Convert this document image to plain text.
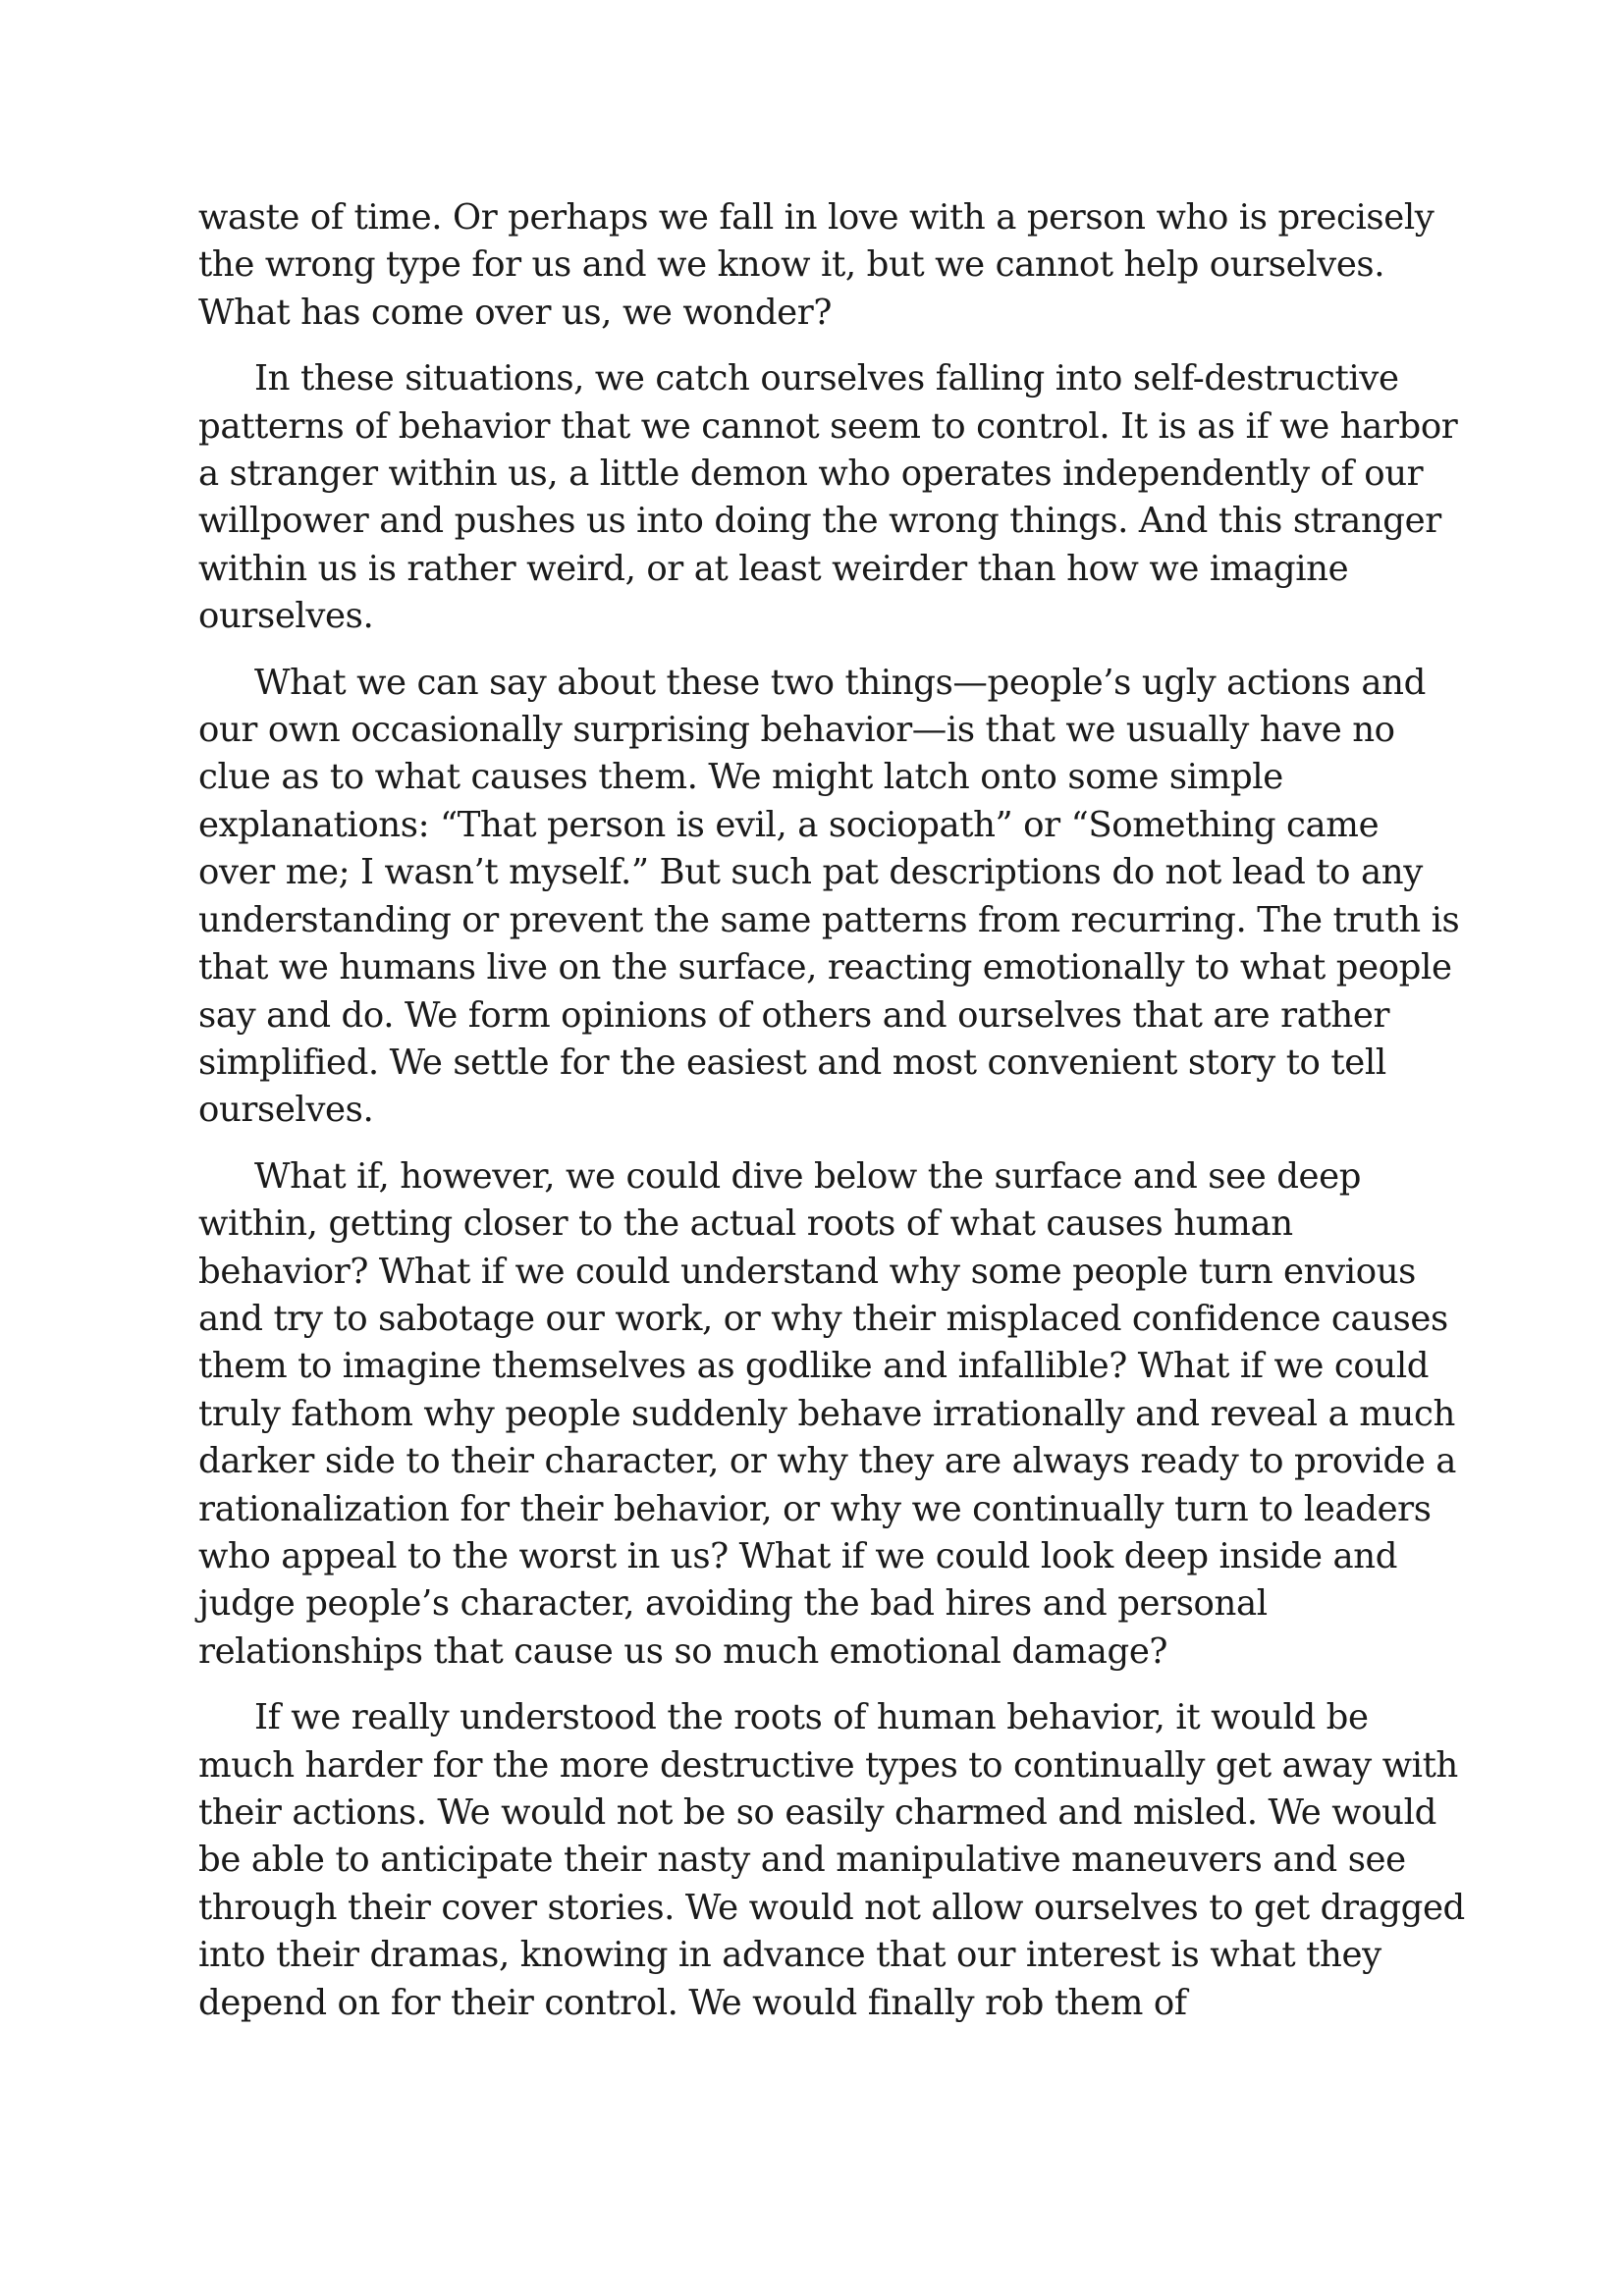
waste of time. Or perhaps we fall in love with a person who is precisely the wrong type for us and we know it, but we cannot help ourselves. What has come over us, we wonder?

In these situations, we catch ourselves falling into self-destructive patterns of behavior that we cannot seem to control. It is as if we harbor a stranger within us, a little demon who operates independently of our willpower and pushes us into doing the wrong things. And this stranger within us is rather weird, or at least weirder than how we imagine ourselves.

What we can say about these two things—people’s ugly actions and our own occasionally surprising behavior—is that we usually have no clue as to what causes them. We might latch onto some simple explanations: “That person is evil, a sociopath” or “Something came over me; I wasn’t myself.” But such pat descriptions do not lead to any understanding or prevent the same patterns from recurring. The truth is that we humans live on the surface, reacting emotionally to what people say and do. We form opinions of others and ourselves that are rather simplified. We settle for the easiest and most convenient story to tell ourselves.

What if, however, we could dive below the surface and see deep within, getting closer to the actual roots of what causes human behavior? What if we could understand why some people turn envious and try to sabotage our work, or why their misplaced confidence causes them to imagine themselves as godlike and infallible? What if we could truly fathom why people suddenly behave irrationally and reveal a much darker side to their character, or why they are always ready to provide a rationalization for their behavior, or why we continually turn to leaders who appeal to the worst in us? What if we could look deep inside and judge people’s character, avoiding the bad hires and personal relationships that cause us so much emotional damage?

If we really understood the roots of human behavior, it would be much harder for the more destructive types to continually get away with their actions. We would not be so easily charmed and misled. We would be able to anticipate their nasty and manipulative maneuvers and see through their cover stories. We would not allow ourselves to get dragged into their dramas, knowing in advance that our interest is what they depend on for their control. We would finally rob them of
